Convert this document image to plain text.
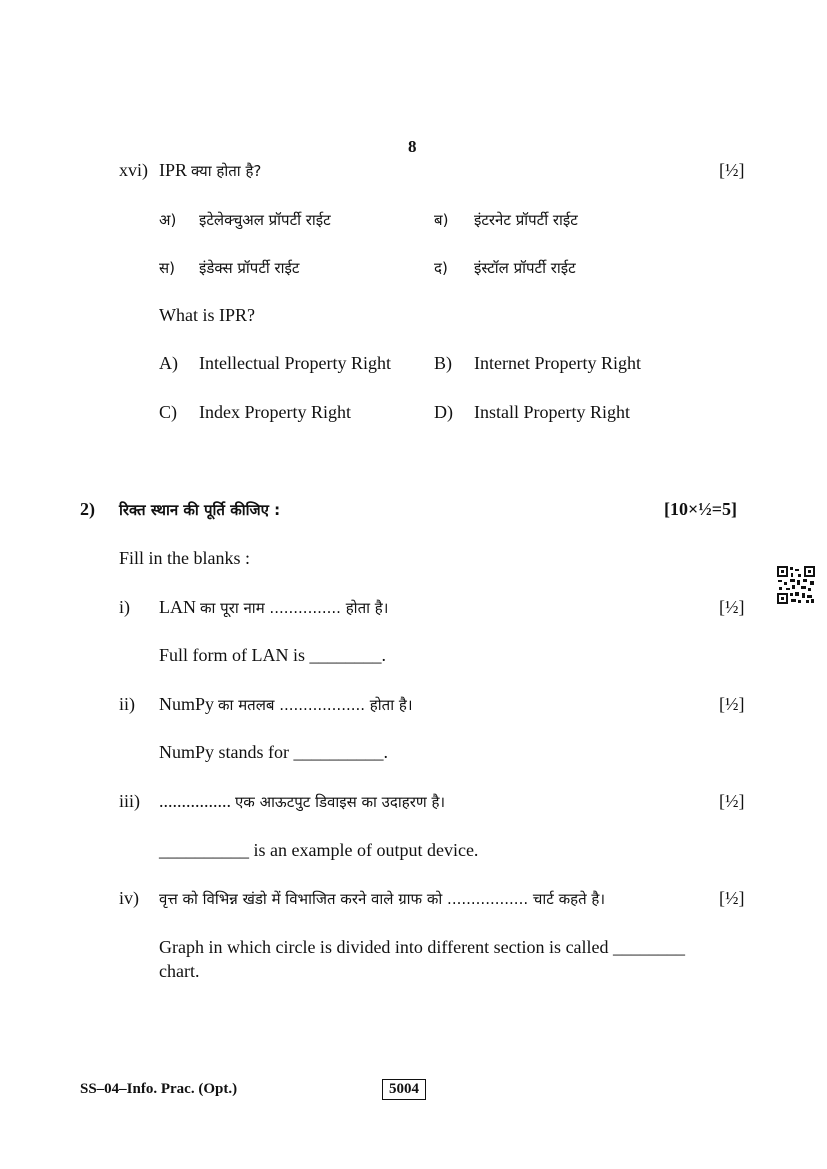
8
xvi) IPR क्या होता है?	[½]
अ) इटेलेक्चुअल प्रॉपर्टी राईट	ब) इंटरनेट प्रॉपर्टी राईट
स) इंडेक्स प्रॉपर्टी राईट	द) इंस्टॉल प्रॉपर्टी राईट
What is IPR?
A) Intellectual Property Right B) Internet Property Right
C) Index Property Right	D) Install Property Right
2) रिक्त स्थान की पूर्ति कीजिए :	[10×½=5]
Fill in the blanks :
i) LAN का पूरा नाम ............... होता है।	[½]
Full form of LAN is ________.
ii) NumPy का मतलब .................. होता है।	[½]
NumPy stands for __________.
iii) ................ एक आऊटपुट डिवाइस का उदाहरण है।	[½]
__________ is an example of output device.
iv) वृत्त को विभिन्न खंडो में विभाजित करने वाले ग्राफ को ................. चार्ट कहते है।	[½]
Graph in which circle is divided into different section is called ________
chart.
SS–04–Info. Prac. (Opt.)	5004
